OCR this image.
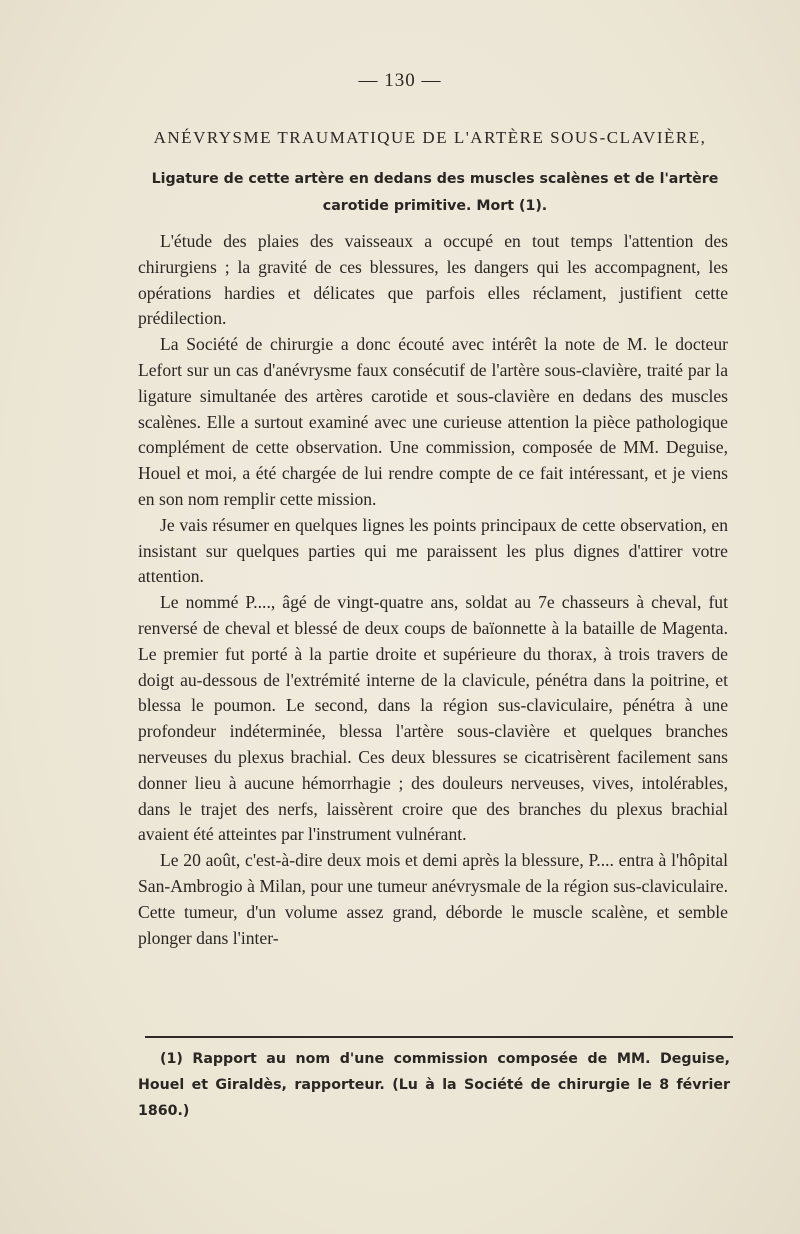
— 130 —
ANÉVRYSME TRAUMATIQUE DE L'ARTÈRE SOUS-CLAVIÈRE,
Ligature de cette artère en dedans des muscles scalènes et de l'artère carotide primitive. Mort (1).

L'étude des plaies des vaisseaux a occupé en tout temps l'attention des chirurgiens ; la gravité de ces blessures, les dangers qui les accompagnent, les opérations hardies et délicates que parfois elles réclament, justifient cette prédilection.

La Société de chirurgie a donc écouté avec intérêt la note de M. le docteur Lefort sur un cas d'anévrysme faux consécutif de l'artère sous-clavière, traité par la ligature simultanée des artères carotide et sous-clavière en dedans des muscles scalènes. Elle a surtout examiné avec une curieuse attention la pièce pathologique complément de cette observation. Une commission, composée de MM. Deguise, Houel et moi, a été chargée de lui rendre compte de ce fait intéressant, et je viens en son nom remplir cette mission.

Je vais résumer en quelques lignes les points principaux de cette observation, en insistant sur quelques parties qui me paraissent les plus dignes d'attirer votre attention.

Le nommé P...., âgé de vingt-quatre ans, soldat au 7e chasseurs à cheval, fut renversé de cheval et blessé de deux coups de baïonnette à la bataille de Magenta. Le premier fut porté à la partie droite et supérieure du thorax, à trois travers de doigt au-dessous de l'extrémité interne de la clavicule, pénétra dans la poitrine, et blessa le poumon. Le second, dans la région sus-claviculaire, pénétra à une profondeur indéterminée, blessa l'artère sous-clavière et quelques branches nerveuses du plexus brachial. Ces deux blessures se cicatrisèrent facilement sans donner lieu à aucune hémorrhagie ; des douleurs nerveuses, vives, intolérables, dans le trajet des nerfs, laissèrent croire que des branches du plexus brachial avaient été atteintes par l'instrument vulnérant.

Le 20 août, c'est-à-dire deux mois et demi après la blessure, P.... entra à l'hôpital San-Ambrogio à Milan, pour une tumeur anévrysmale de la région sus-claviculaire. Cette tumeur, d'un volume assez grand, déborde le muscle scalène, et semble plonger dans l'inter-

(1) Rapport au nom d'une commission composée de MM. Deguise, Houel et Giraldès, rapporteur. (Lu à la Société de chirurgie le 8 février 1860.)
